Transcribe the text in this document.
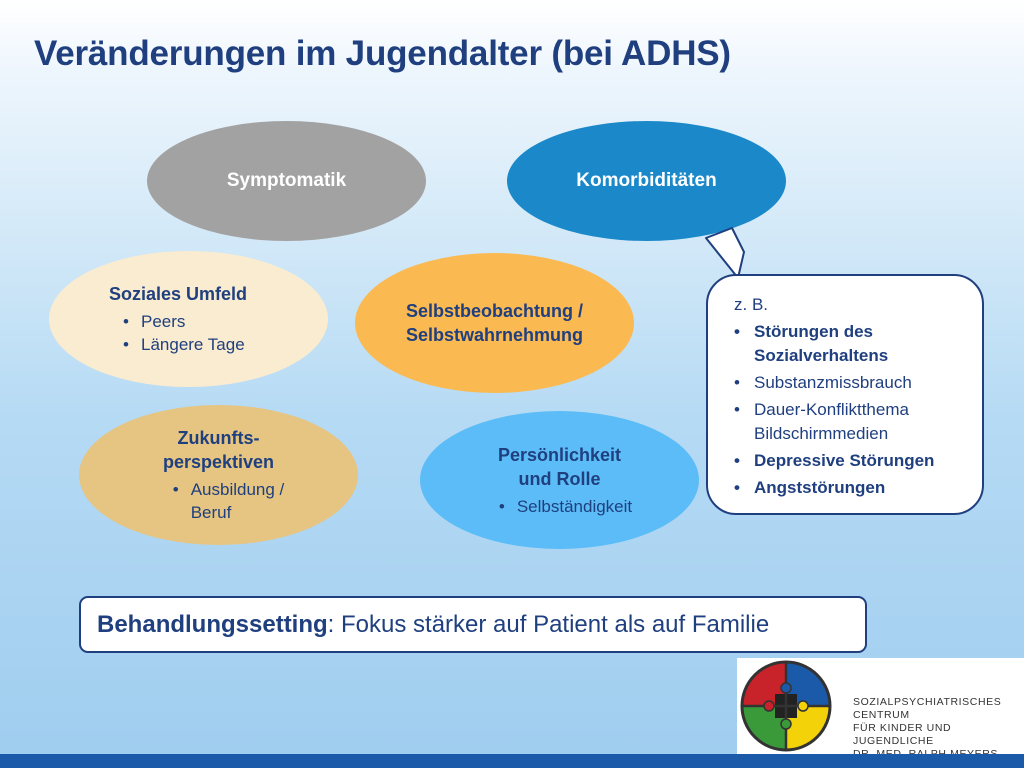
Veränderungen im Jugendalter (bei ADHS)
Symptomatik	Komorbiditäten
z. B.
• Störungen des
Sozialverhaltens
• Substanzmissbrauch
• Dauer-Konfliktthema
Bildschirmmedien
• Depressive Störungen
• Angststörungen
Soziales Umfeld
• Peers
• Längere Tage
Selbstbeobachtung /
Selbstwahrnehmung
Zukunfts-
perspektiven
• Ausbildung /
Beruf
Persönlichkeit
und Rolle
• Selbständigkeit
Behandlungssetting : Fokus stärker auf Patient als auf Familie
SOZIALPSYCHIATRISCHES CENTRUM
FÜR KINDER UND JUGENDLICHE
